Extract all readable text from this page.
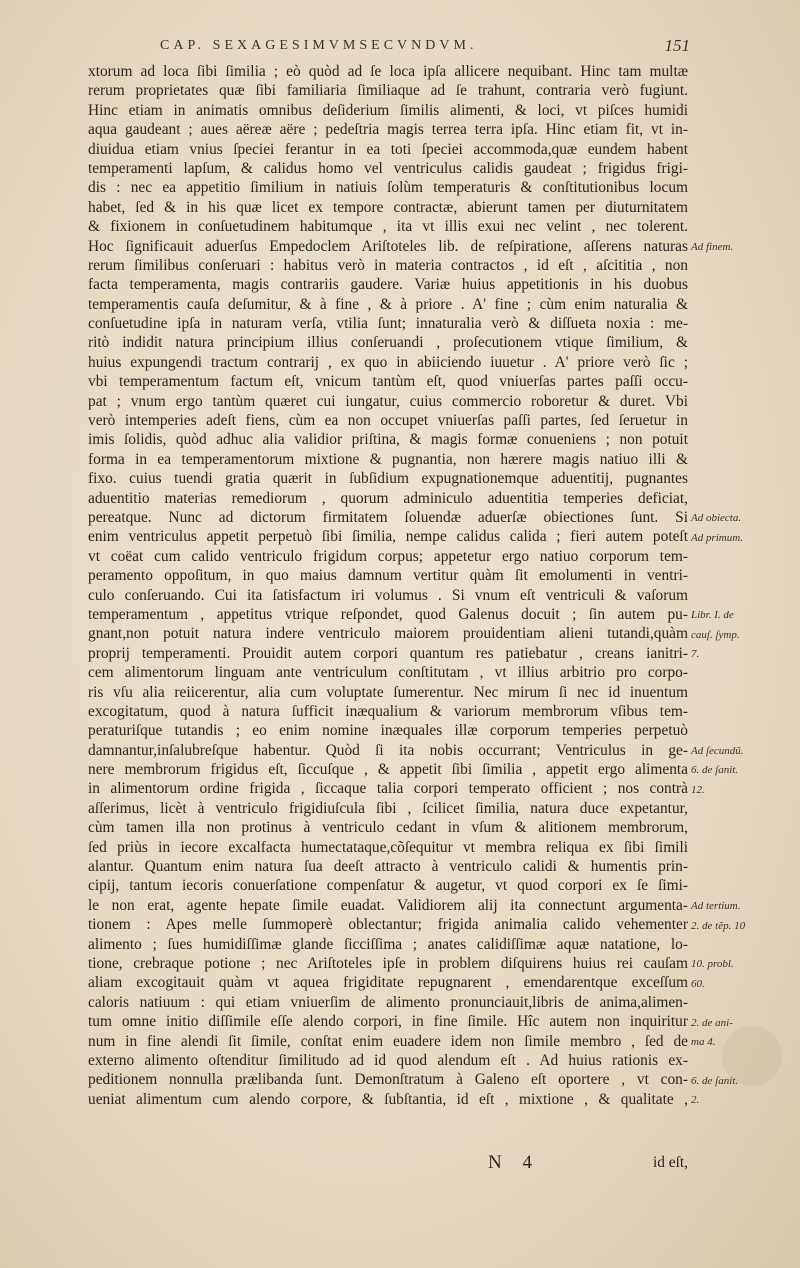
CAP. SEXAGESIMVMSECVNDVM.	151
xtorum ad loca ſibi ſimilia ; eò quòd ad ſe loca ipſa allicere nequibant. Hinc tam multæ
rerum proprietates quæ ſibi familiaria ſimiliaque ad ſe trahunt, contraria verò fugiunt.
Hinc etiam in animatis omnibus deſiderium ſimilis alimenti, & loci, vt piſces humidi
aqua gaudeant ; aues aëreæ aëre ; pedeſtria magis terrea terra ipſa. Hinc etiam fit, vt in-
diuidua etiam vnius ſpeciei ferantur in ea toti ſpeciei accommoda,quæ eundem habent
temperamenti lapſum, & calidus homo vel ventriculus calidis gaudeat ; frigidus frigi-
dis : nec ea appetitio ſimilium in natiuis ſolùm temperaturis & conſtitutionibus locum
habet, ſed & in his quæ licet ex tempore contractæ, abierunt tamen per diuturnitatem
& fixionem in conſuetudinem habitumque , ita vt illis exui nec velint , nec tolerent.
Hoc ſignificauit aduerſus Empedoclem Ariſtoteles lib. de reſpiratione, aſſerens naturas
rerum ſimilibus conſeruari : habitus verò in materia contractos , id eſt , aſcititia , non
facta temperamenta, magis contrariis gaudere. Variæ huius appetitionis in his duobus
temperamentis cauſa deſumitur, & à fine , & à priore . A' fine ; cùm enim naturalia &
conſuetudine ipſa in naturam verſa, vtilia ſunt; innaturalia verò & diſſueta noxia : me-
ritò indidit natura principium illius conſeruandi , proſecutionem vtique ſimilium, &
huius expungendi tractum contrarij , ex quo in abiiciendo iuuetur . A' priore verò ſic ;
vbi temperamentum factum eſt, vnicum tantùm eſt, quod vniuerſas partes paſſi occu-
pat ; vnum ergo tantùm quæret cui iungatur, cuius commercio roboretur & duret. Vbi
verò intemperies adeſt fiens, cùm ea non occupet vniuerſas paſſi partes, ſed ſeruetur in
imis ſolidis, quòd adhuc alia validior priſtina, & magis formæ conueniens ; non potuit
forma in ea temperamentorum mixtione & pugnantia, non hærere magis natiuo illi &
fixo. cuius tuendi gratia quærit in ſubſidium expugnationemque aduentitij, pugnantes
aduentitio materias remediorum , quorum adminiculo aduentitia temperies deficiat,
pereatque. Nunc ad dictorum firmitatem ſoluendæ aduerſæ obiectiones ſunt. Si
enim ventriculus appetit perpetuò ſibi ſimilia, nempe calidus calida ; fieri autem poteſt
vt coëat cum calido ventriculo frigidum corpus; appetetur ergo natiuo corporum tem-
peramento oppoſitum, in quo maius damnum vertitur quàm ſit emolumenti in ventri-
culo conſeruando. Cui ita ſatisfactum iri volumus . Si vnum eſt ventriculi & vaſorum
temperamentum , appetitus vtrique reſpondet, quod Galenus docuit ; ſin autem pu-
gnant,non potuit natura indere ventriculo maiorem prouidentiam alieni tutandi,quàm
proprij temperamenti. Prouidit autem corpori quantum res patiebatur , creans ianitri-
cem alimentorum linguam ante ventriculum conſtitutam , vt illius arbitrio pro corpo-
ris vſu alia reiicerentur, alia cum voluptate ſumerentur. Nec mirum ſi nec id inuentum
excogitatum, quod à natura ſufficit inæqualium & variorum membrorum vſibus tem-
peraturiſque tutandis ; eo enim nomine inæquales illæ corporum temperies perpetuò
damnantur,inſalubreſque habentur. Quòd ſi ita nobis occurrant; Ventriculus in ge-
nere membrorum frigidus eſt, ſiccuſque , & appetit ſibi ſimilia , appetit ergo alimenta
in alimentorum ordine frigida , ſiccaque talia corpori temperato officient ; nos contrà
aſſerimus, licèt à ventriculo frigidiuſcula ſibi , ſcilicet ſimilia, natura duce expetantur,
cùm tamen illa non protinus à ventriculo cedant in vſum & alitionem membrorum,
ſed priùs in iecore excalfacta humectataque,cõſequitur vt membra reliqua ex ſibi ſimili
alantur. Quantum enim natura ſua deeſt attracto à ventriculo calidi & humentis prin-
cipij, tantum iecoris conuerſatione compenſatur & augetur, vt quod corpori ex ſe ſimi-
le non erat, agente hepate ſimile euadat. Validiorem alij ita connectunt argumenta-
tionem : Apes melle ſummoperè oblectantur; frigida animalia calido vehementer
alimento ; ſues humidiſſimæ glande ſicciſſima ; anates calidiſſimæ aquæ natatione, lo-
tione, crebraque potione ; nec Ariſtoteles ipſe in problem diſquirens huius rei cauſam
aliam excogitauit quàm vt aquea frigiditate repugnarent , emendarentque exceſſum
caloris natiuum : qui etiam vniuerſim de alimento pronunciauit,libris de anima,alimen-
tum omne initio diſſimile eſſe alendo corpori, in fine ſimile. Hîc autem non inquiritur
num in fine alendi ſit ſimile, conſtat enim euadere idem non ſimile membro , ſed de
externo alimento oſtenditur ſimilitudo ad id quod alendum eſt . Ad huius rationis ex-
peditionem nonnulla prælibanda ſunt. Demonſtratum à Galeno eſt oportere , vt con-
ueniat alimentum cum alendo corpore, & ſubſtantia, id eſt , mixtione , & qualitate ,
Ad finem.
Ad obiecta.
Ad primum.
Libr. I. de
cauſ. ſymp.
7.
Ad ſecundũ.
6. de ſanit.
12.
Ad tertium.
2. de tẽp. 10
10. probl.
60.
2. de ani-
ma 4.
6. de ſanit.
2.
N 4	id eſt,
